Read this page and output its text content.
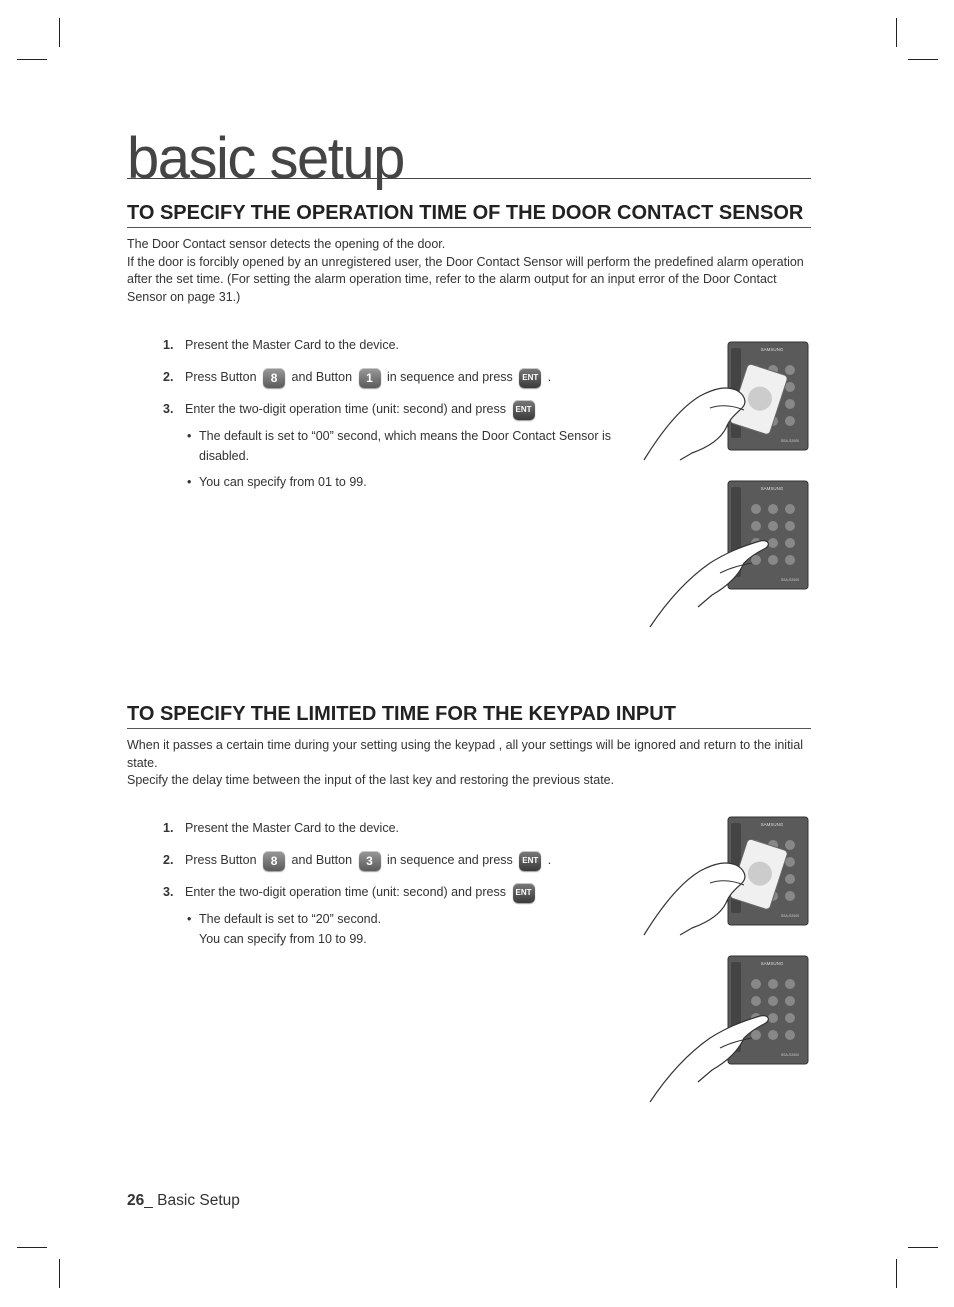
basic setup
TO SPECIFY THE OPERATION TIME OF THE DOOR CONTACT SENSOR

The Door Contact sensor detects the opening of the door.

If the door is forcibly opened by an unregistered user, the Door Contact Sensor will perform the predefined alarm operation after the set time. (For setting the alarm operation time, refer to the alarm output for an input error of the Door Contact Sensor on page 31.)

1. Present the Master Card to the device.
2. Press Button 8 and Button 1 in sequence and press ENT .
3. Enter the two-digit operation time (unit: second) and press ENT
• The default is set to “00” second, which means the Door Contact Sensor is disabled.
• You can specify from 01 to 99.
SAMSUNG
SSA-S2000
SAMSUNG
SSA-S2000
TO SPECIFY THE LIMITED TIME FOR THE KEYPAD INPUT

When it passes a certain time during your setting using the keypad , all your settings will be ignored and return to the initial state.

Specify the delay time between the input of the last key and restoring the previous state.

1. Present the Master Card to the device.
2. Press Button 8 and Button 3 in sequence and press ENT .
3. Enter the two-digit operation time (unit: second) and press ENT
• The default is set to “20” second.
You can specify from 10 to 99.
SAMSUNG
SSA-S2000
SAMSUNG
SSA-S2000
26_ Basic Setup
